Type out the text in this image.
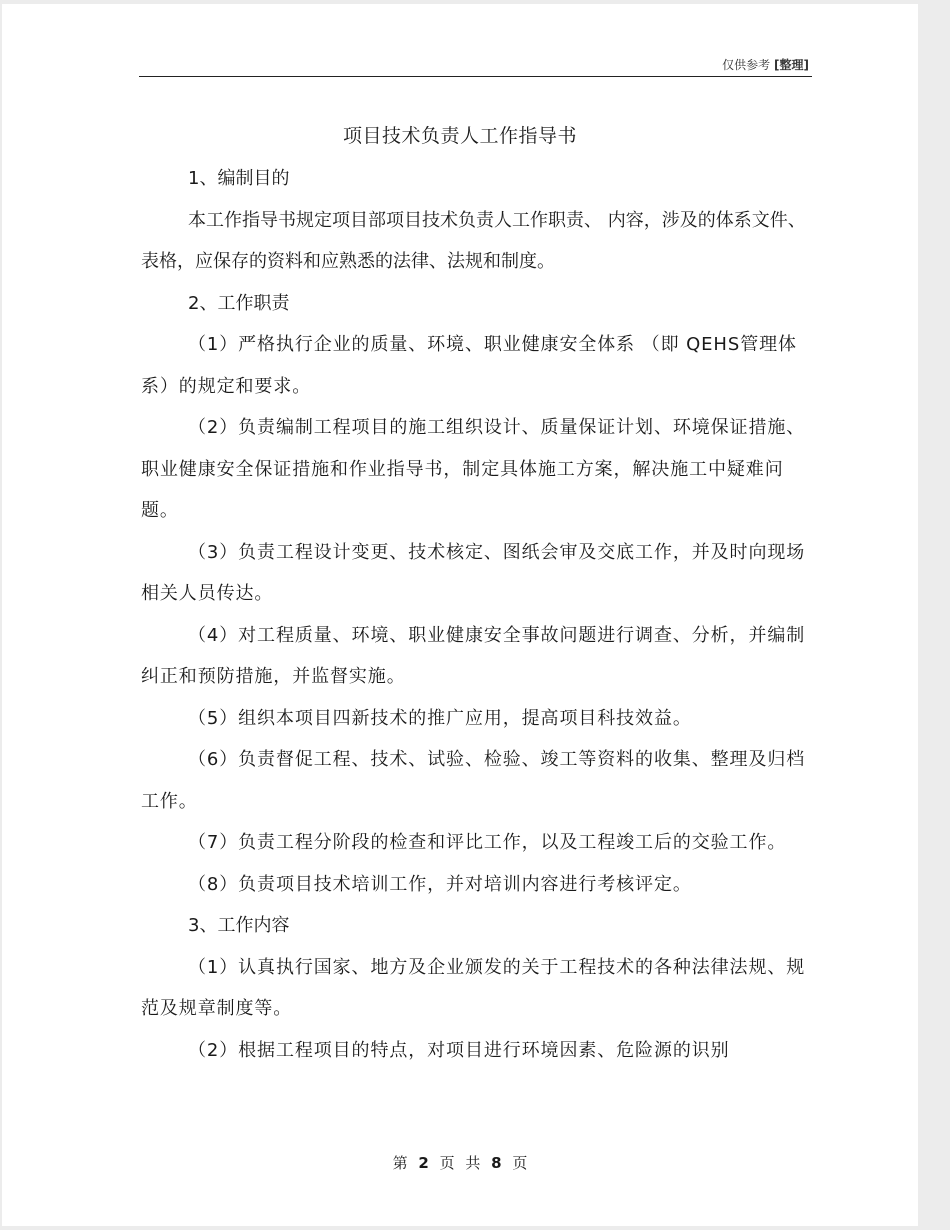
仅供参考 [整理]
项目技术负责人工作指导书

1、编制目的

本工作指导书规定项目部项目技术负责人工作职责、 内容，涉及的体系文件、表格，应保存的资料和应熟悉的法律、法规和制度。

2、工作职责

（1）严格执行企业的质量、环境、职业健康安全体系 （即 QEHS管理体系）的规定和要求。

（2）负责编制工程项目的施工组织设计、质量保证计划、环境保证措施、职业健康安全保证措施和作业指导书，制定具体施工方案，解决施工中疑难问题。

（3）负责工程设计变更、技术核定、图纸会审及交底工作，并及时向现场相关人员传达。

（4）对工程质量、环境、职业健康安全事故问题进行调查、分析，并编制纠正和预防措施，并监督实施。

（5）组织本项目四新技术的推广应用，提高项目科技效益。

（6）负责督促工程、技术、试验、检验、竣工等资料的收集、整理及归档工作。

（7）负责工程分阶段的检查和评比工作，以及工程竣工后的交验工作。

（8）负责项目技术培训工作，并对培训内容进行考核评定。

3、工作内容

（1）认真执行国家、地方及企业颁发的关于工程技术的各种法律法规、规范及规章制度等。

（2）根据工程项目的特点，对项目进行环境因素、危险源的识别

第 2 页 共 8 页
